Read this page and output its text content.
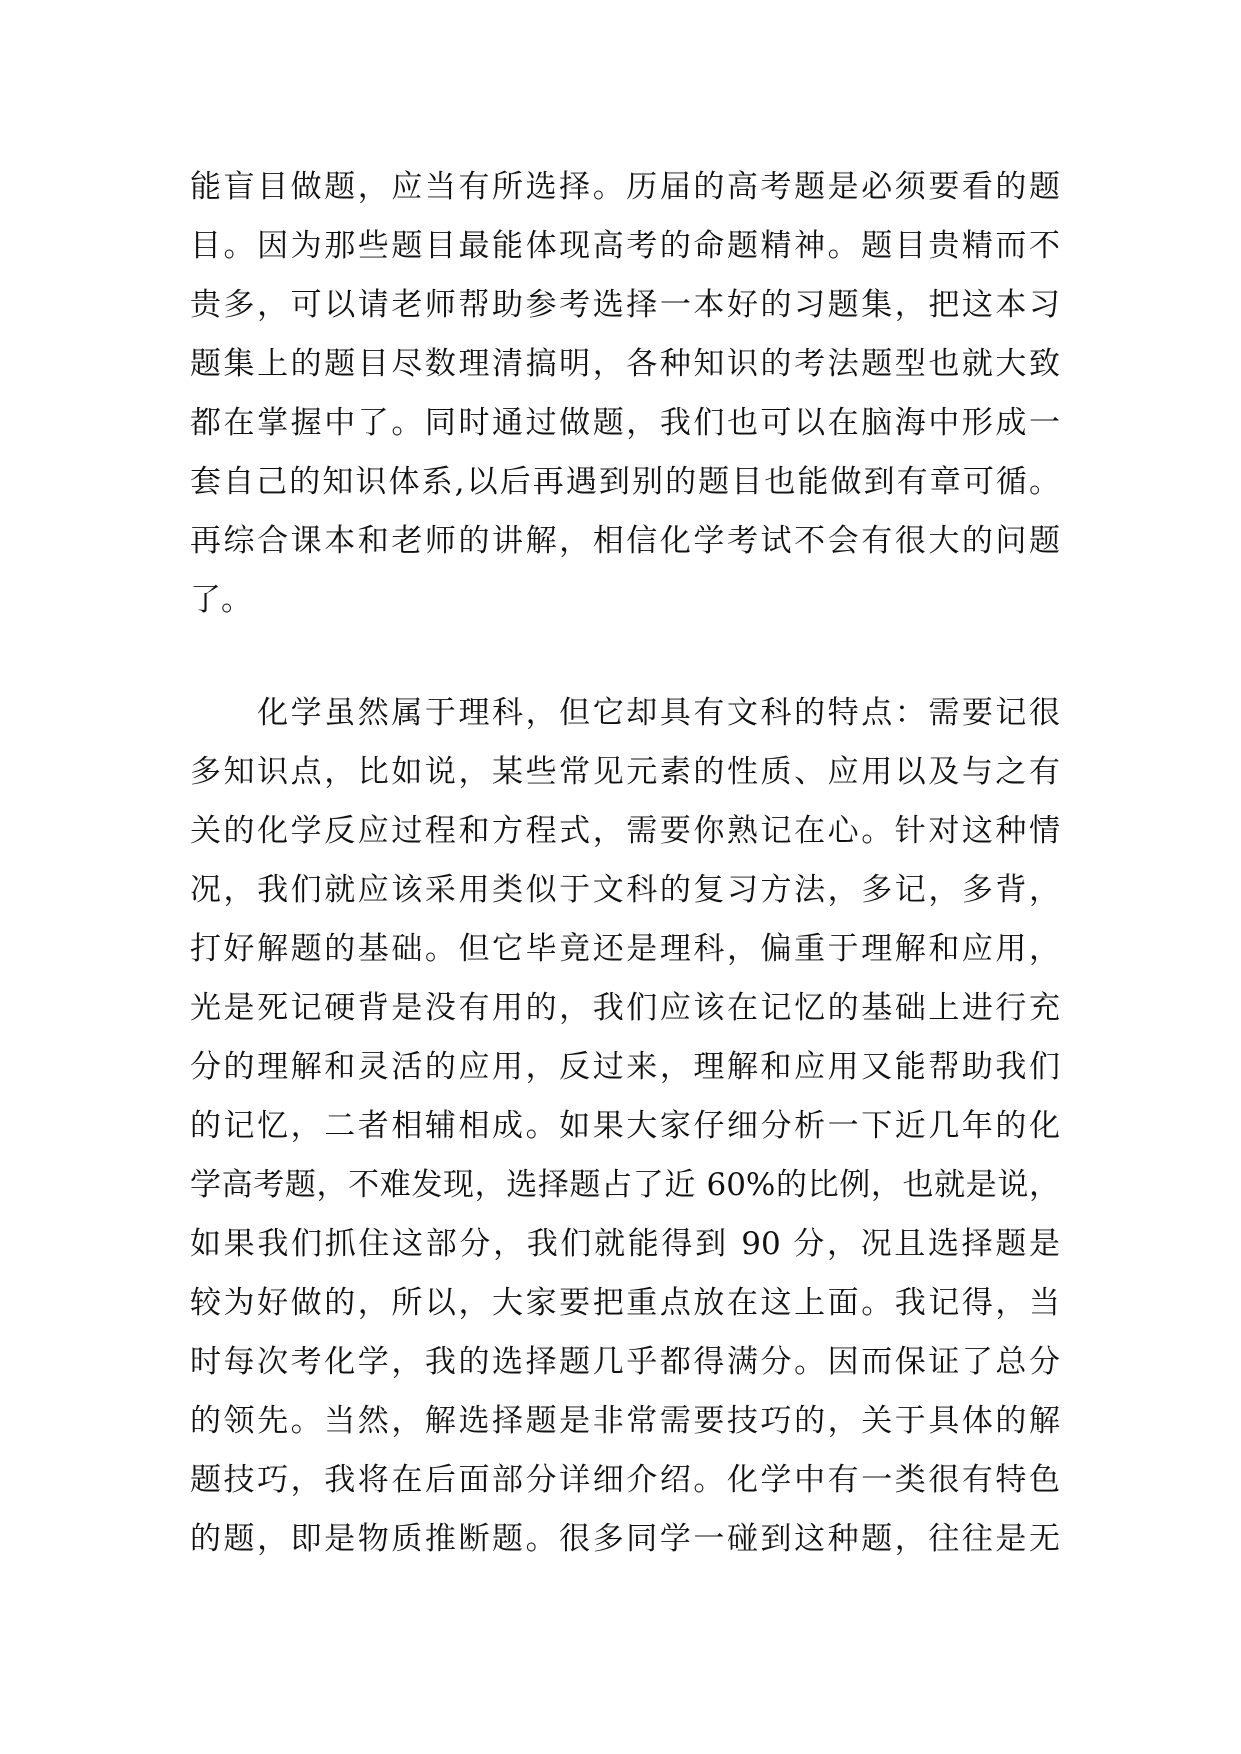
能盲目做题，应当有所选择。历届的高考题是必须要看的题
目。因为那些题目最能体现高考的命题精神。题目贵精而不
贵多，可以请老师帮助参考选择一本好的习题集，把这本习
题集上的题目尽数理清搞明，各种知识的考法题型也就大致
都在掌握中了。同时通过做题，我们也可以在脑海中形成一
套自己的知识体系,以后再遇到别的题目也能做到有章可循。
再综合课本和老师的讲解，相信化学考试不会有很大的问题
了。
　　化学虽然属于理科，但它却具有文科的特点：需要记很
多知识点，比如说，某些常见元素的性质、应用以及与之有
关的化学反应过程和方程式，需要你熟记在心。针对这种情
况，我们就应该采用类似于文科的复习方法，多记，多背，
打好解题的基础。但它毕竟还是理科，偏重于理解和应用，
光是死记硬背是没有用的，我们应该在记忆的基础上进行充
分的理解和灵活的应用，反过来，理解和应用又能帮助我们
的记忆，二者相辅相成。如果大家仔细分析一下近几年的化
学高考题，不难发现，选择题占了近 60%的比例，也就是说，
如果我们抓住这部分，我们就能得到 90 分，况且选择题是
较为好做的，所以，大家要把重点放在这上面。我记得，当
时每次考化学，我的选择题几乎都得满分。因而保证了总分
的领先。当然，解选择题是非常需要技巧的，关于具体的解
题技巧，我将在后面部分详细介绍。化学中有一类很有特色
的题，即是物质推断题。很多同学一碰到这种题，往往是无
